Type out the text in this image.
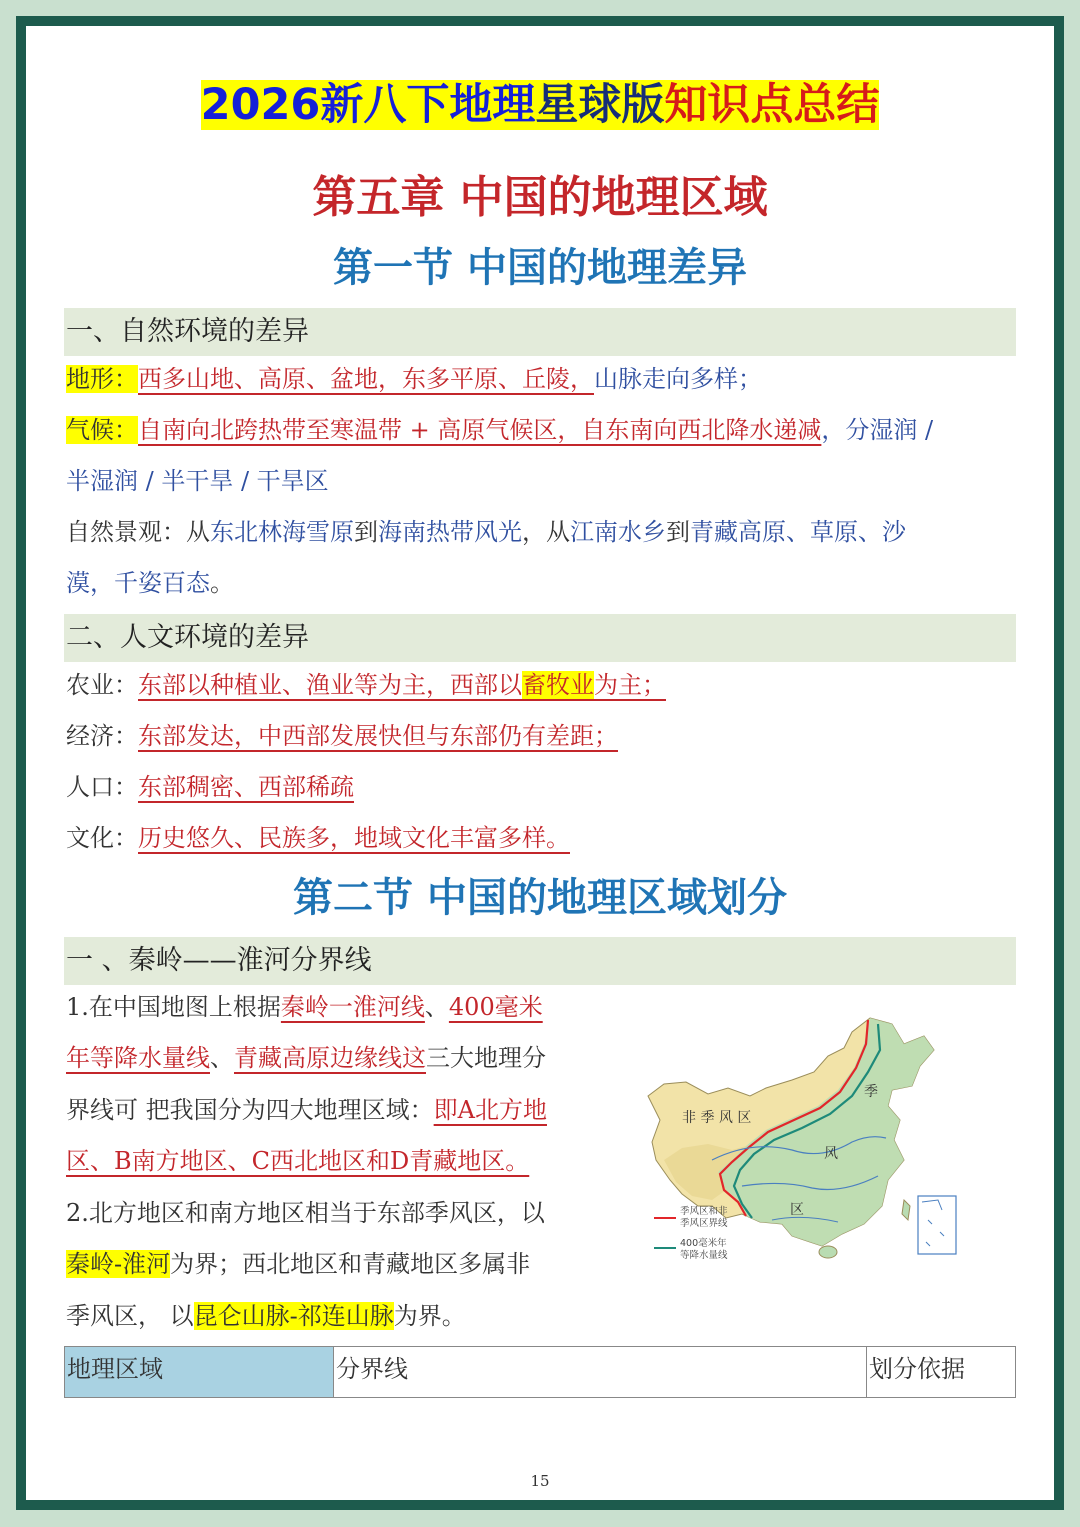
2026新八下地理星球版知识点总结
第五章 中国的地理区域
第一节 中国的地理差异
一、自然环境的差异
地形：西多山地、高原、盆地，东多平原、丘陵，山脉走向多样；
气候：自南向北跨热带至寒温带 + 高原气候区，自东南向西北降水递减，分湿润 /
半湿润 / 半干旱 / 干旱区
自然景观：从东北林海雪原到海南热带风光，从江南水乡到青藏高原、草原、沙
漠，千姿百态。
二、人文环境的差异
农业：东部以种植业、渔业等为主，西部以畜牧业为主；
经济：东部发达，中西部发展快但与东部仍有差距；
人口：东部稠密、西部稀疏
文化：历史悠久、民族多，地域文化丰富多样。
第二节 中国的地理区域划分
一 、秦岭——淮河分界线
1.在中国地图上根据秦岭一淮河线、400毫米
年等降水量线、青藏高原边缘线这三大地理分
界线可 把我国分为四大地理区域：即A北方地
区、B南方地区、C西北地区和D青藏地区。
2.北方地区和南方地区相当于东部季风区，以
秦岭-淮河为界；西北地区和青藏地区多属非
季风区， 以昆仑山脉-祁连山脉为界。
非 季 风 区
季
风
区
季风区和非
季风区界线
400毫米年
等降水量线
地理区域	分界线	划分依据
15
